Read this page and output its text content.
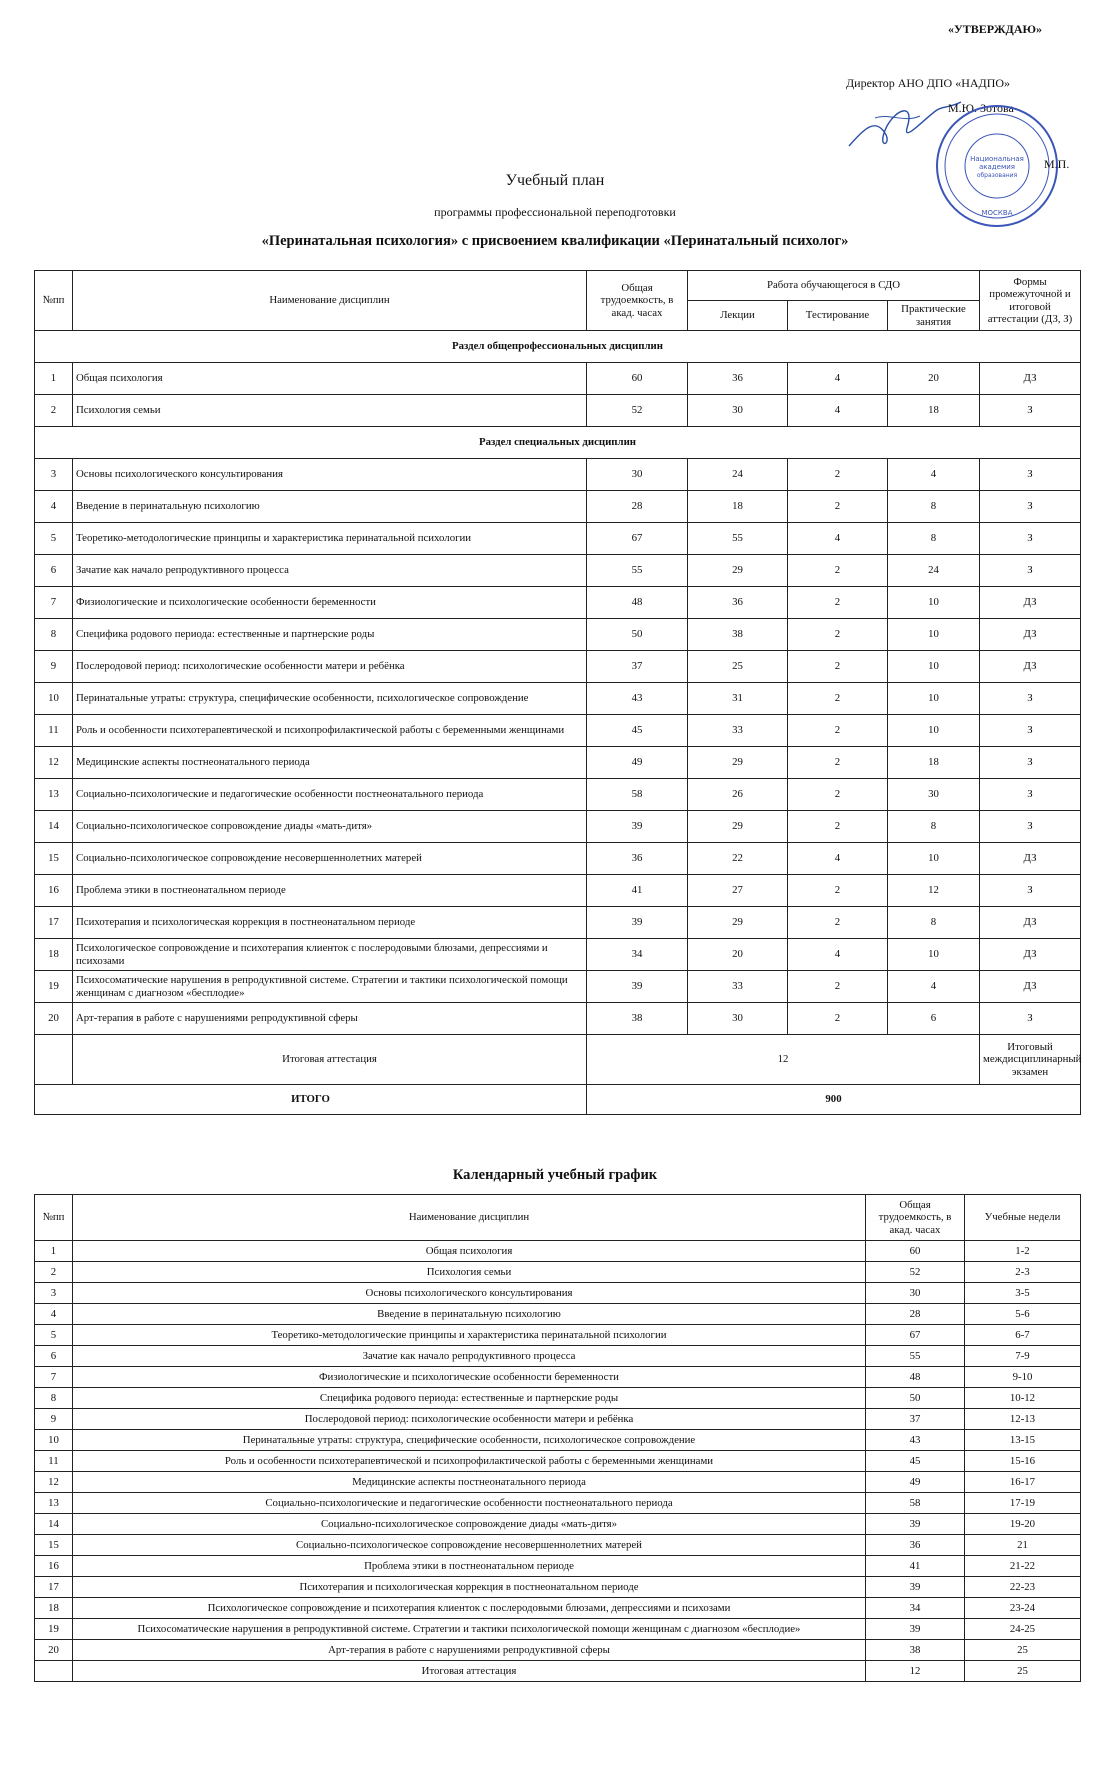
«УТВЕРЖДАЮ»
Директор АНО ДПО «НАДПО»
М.Ю. Зотова
Национальная
академия
образования
МОСКВА
М.П.
Учебный план
программы профессиональной переподготовки
«Перинатальная психология» с присвоением квалификации «Перинатальный психолог»
№пп	Наименование дисциплин	Общая трудоемкость, в акад. часах	Работа обучающегося в СДО			Формы промежуточной и итоговой аттестации (ДЗ, З)
			Лекции	Тестирование	Практические занятия	
Раздел общепрофессиональных дисциплин						
1	Общая психология	60	36	4	20	ДЗ
2	Психология семьи	52	30	4	18	З
Раздел специальных дисциплин						
3	Основы психологического консультирования	30	24	2	4	З
4	Введение в перинатальную психологию	28	18	2	8	З
5	Теоретико-методологические принципы и характеристика перинатальной психологии	67	55	4	8	З
6	Зачатие как начало репродуктивного процесса	55	29	2	24	З
7	Физиологические и психологические особенности беременности	48	36	2	10	ДЗ
8	Специфика родового периода: естественные и партнерские роды	50	38	2	10	ДЗ
9	Послеродовой период: психологические особенности матери и ребёнка	37	25	2	10	ДЗ
10	Перинатальные утраты: структура, специфические особенности, психологическое сопровождение	43	31	2	10	З
11	Роль и особенности психотерапевтической и психопрофилактической работы с беременными женщинами	45	33	2	10	З
12	Медицинские аспекты постнеонатального периода	49	29	2	18	З
13	Социально-психологические и педагогические особенности постнеонатального периода	58	26	2	30	З
14	Социально-психологическое сопровождение диады «мать-дитя»	39	29	2	8	З
15	Социально-психологическое сопровождение несовершеннолетних матерей	36	22	4	10	ДЗ
16	Проблема этики в постнеонатальном периоде	41	27	2	12	З
17	Психотерапия и психологическая коррекция в постнеонатальном периоде	39	29	2	8	ДЗ
18	Психологическое сопровождение и психотерапия клиенток с послеродовыми блюзами, депрессиями и психозами	34	20	4	10	ДЗ
19	Психосоматические нарушения в репродуктивной системе. Стратегии и тактики психологической помощи женщинам с диагнозом «бесплодие»	39	33	2	4	ДЗ
20	Арт-терапия в работе с нарушениями репродуктивной сферы	38	30	2	6	З
	Итоговая аттестация	12				Итоговый междисциплинарный экзамен
ИТОГО		900				
Календарный учебный график
№пп	Наименование дисциплин	Общая трудоемкость, в акад. часах	Учебные недели
1	Общая психология	60	1-2
2	Психология семьи	52	2-3
3	Основы психологического консультирования	30	3-5
4	Введение в перинатальную психологию	28	5-6
5	Теоретико-методологические принципы и характеристика перинатальной психологии	67	6-7
6	Зачатие как начало репродуктивного процесса	55	7-9
7	Физиологические и психологические особенности беременности	48	9-10
8	Специфика родового периода: естественные и партнерские роды	50	10-12
9	Послеродовой период: психологические особенности матери и ребёнка	37	12-13
10	Перинатальные утраты: структура, специфические особенности, психологическое сопровождение	43	13-15
11	Роль и особенности психотерапевтической и психопрофилактической работы с беременными женщинами	45	15-16
12	Медицинские аспекты постнеонатального периода	49	16-17
13	Социально-психологические и педагогические особенности постнеонатального периода	58	17-19
14	Социально-психологическое сопровождение диады «мать-дитя»	39	19-20
15	Социально-психологическое сопровождение несовершеннолетних матерей	36	21
16	Проблема этики в постнеонатальном периоде	41	21-22
17	Психотерапия и психологическая коррекция в постнеонатальном периоде	39	22-23
18	Психологическое сопровождение и психотерапия клиенток с послеродовыми блюзами, депрессиями и психозами	34	23-24
19	Психосоматические нарушения в репродуктивной системе. Стратегии и тактики психологической помощи женщинам с диагнозом «бесплодие»	39	24-25
20	Арт-терапия в работе с нарушениями репродуктивной сферы	38	25
	Итоговая аттестация	12	25
